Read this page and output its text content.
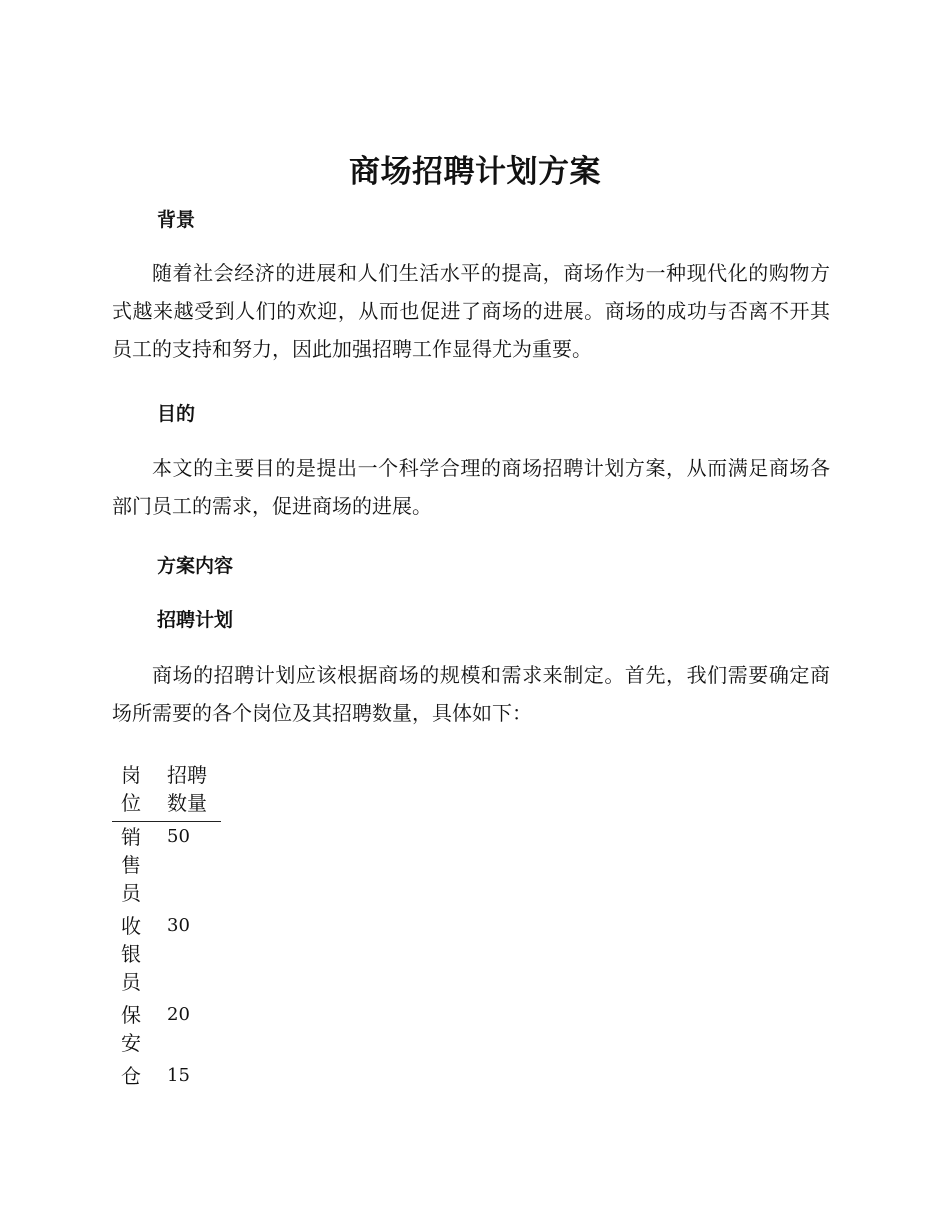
商场招聘计划方案
背景

随着社会经济的进展和人们生活水平的提高，商场作为一种现代化的购物方式越来越受到人们的欢迎，从而也促进了商场的进展。商场的成功与否离不开其员工的支持和努力，因此加强招聘工作显得尤为重要。

目的

本文的主要目的是提出一个科学合理的商场招聘计划方案，从而满足商场各部门员工的需求，促进商场的进展。

方案内容
招聘计划

商场的招聘计划应该根据商场的规模和需求来制定。首先，我们需要确定商场所需要的各个岗位及其招聘数量，具体如下：

岗位	招聘数量
销售员	50
收银员	30
保安	20
仓	15
